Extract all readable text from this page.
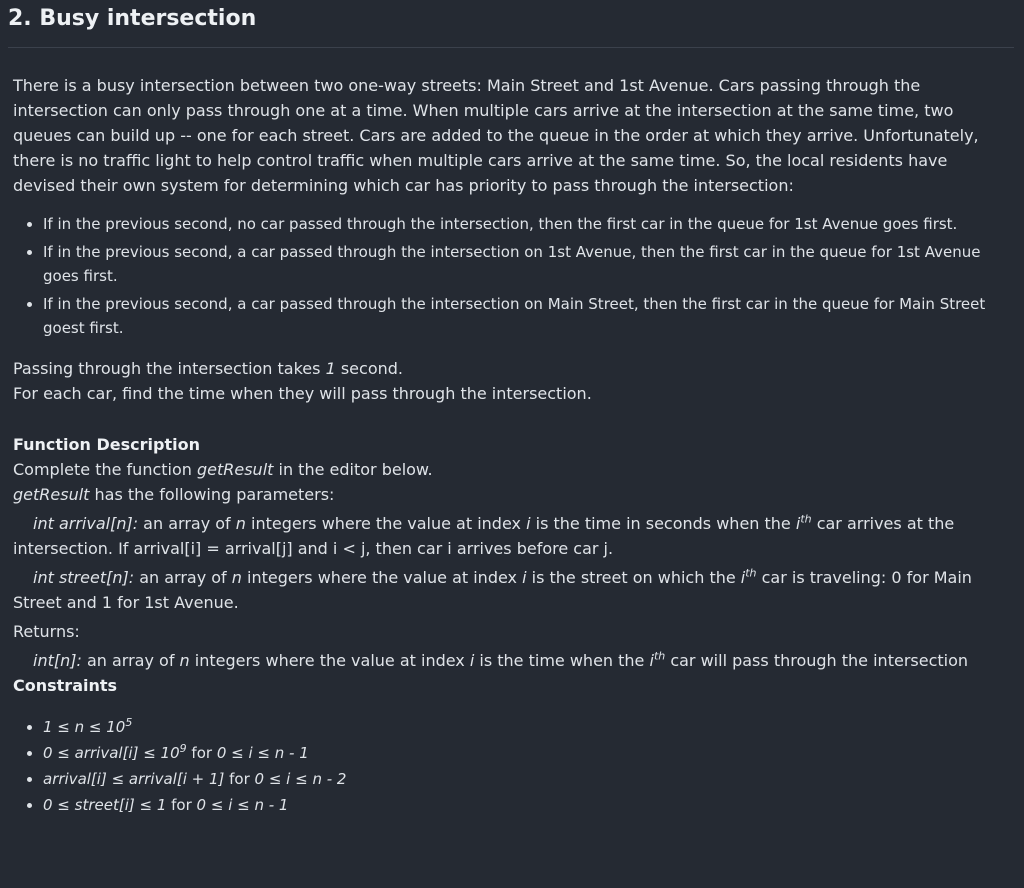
2. Busy intersection

There is a busy intersection between two one-way streets: Main Street and 1st Avenue. Cars passing through the intersection can only pass through one at a time. When multiple cars arrive at the intersection at the same time, two queues can build up -- one for each street. Cars are added to the queue in the order at which they arrive. Unfortunately, there is no traffic light to help control traffic when multiple cars arrive at the same time. So, the local residents have devised their own system for determining which car has priority to pass through the intersection:

• If in the previous second, no car passed through the intersection, then the first car in the queue for 1st Avenue goes first.
• If in the previous second, a car passed through the intersection on 1st Avenue, then the first car in the queue for 1st Avenue goes first.
• If in the previous second, a car passed through the intersection on Main Street, then the first car in the queue for Main Street goest first.

Passing through the intersection takes 1 second.

For each car, find the time when they will pass through the intersection.

Function Description

Complete the function getResult in the editor below.

getResult has the following parameters:

int arrival[n]: an array of n integers where the value at index i is the time in seconds when the $i^{th}$ car arrives at the intersection. If arrival[i] = arrival[j] and i < j, then car i arrives before car j.

int street[n]: an array of n integers where the value at index i is the street on which the $i^{th}$ car is traveling: 0 for Main Street and 1 for 1st Avenue.

Returns:

int[n]: an array of n integers where the value at index i is the time when the $i^{th}$ car will pass through the intersection

Constraints

• $1 \le n \le 10^5$
• 0 ≤ arrival[i] ≤ $10^9$ for 0 ≤ i ≤ n - 1
• arrival[i] ≤ arrival[i + 1] for 0 ≤ i ≤ n - 2
• 0 ≤ street[i] ≤ 1 for 0 ≤ i ≤ n - 1
